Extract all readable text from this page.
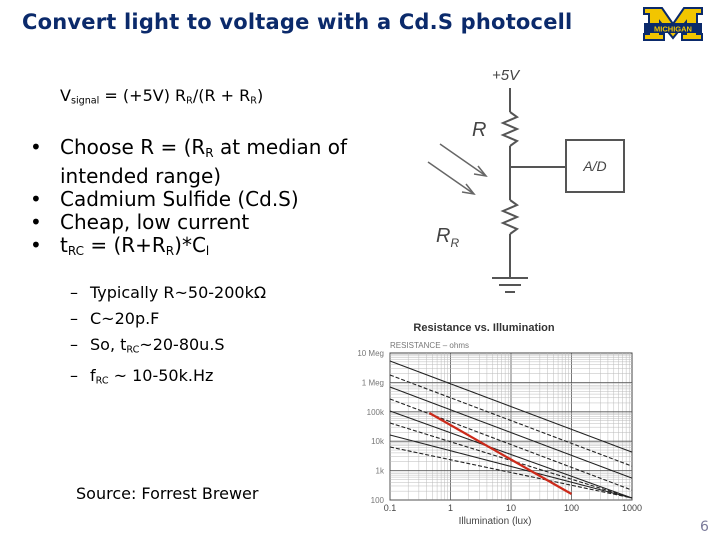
Convert light to voltage with a Cd.S photocell	MICHIGAN
$V_{signal} = (+5V) R_R/(R + R_R)$
• Choose $R = (R_R$ at median of intended range)
• Cadmium Sulfide (Cd.S)
• Cheap, low current
• $t_{RC} = (R+R_R)*C_l$
– Typically R~50-200kΩ
– C~20p.F
– So, $t_{RC}\sim 20-80u.S$
– $f_{RC}$ ~ 10-50k.Hz
+5V
R
$R_R$
A/D
Resistance vs. Illumination
RESISTANCE – ohms
10 Meg
1 Meg
100k
10k
1k
100
0.1	1	10	100	1000
Illumination (lux)
Source: Forrest Brewer
6
